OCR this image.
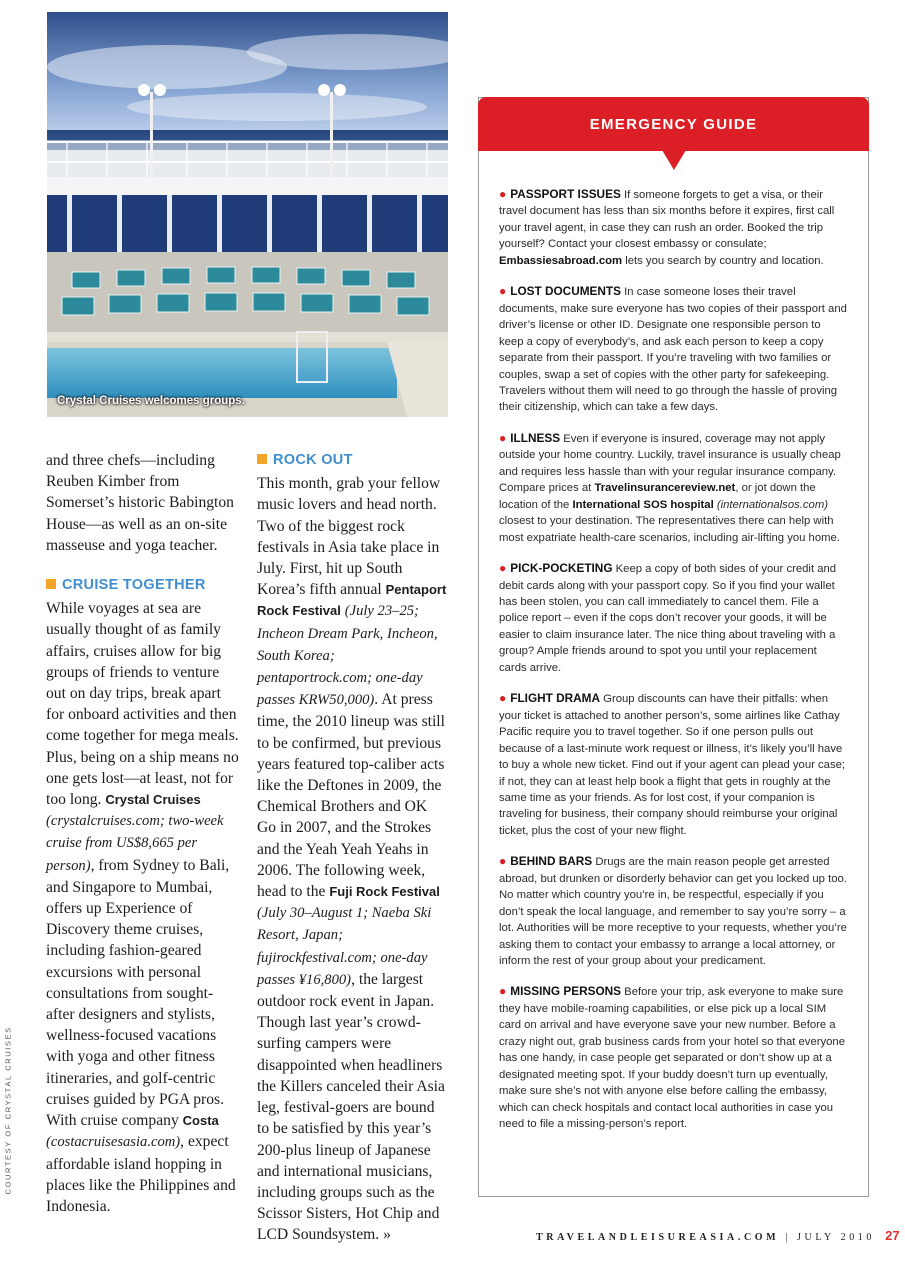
COURTESY OF CRYSTAL CRUISES
Crystal Cruises welcomes groups.

and three chefs—including Reuben Kimber from Somerset’s historic Babington House—as well as an on-site masseuse and yoga teacher.

CRUISE TOGETHER

While voyages at sea are usually thought of as family affairs, cruises allow for big groups of friends to venture out on day trips, break apart for onboard activities and then come together for mega meals. Plus, being on a ship means no one gets lost—at least, not for too long. Crystal Cruises (crystalcruises.com; two-week cruise from US$8,665 per person), from Sydney to Bali, and Singapore to Mumbai, offers up Experience of Discovery theme cruises, including fashion-geared excursions with personal consultations from sought-after designers and stylists, wellness-focused vacations with yoga and other fitness itineraries, and golf-centric cruises guided by PGA pros. With cruise company Costa (costacruisesasia.com), expect affordable island hopping in places like the Philippines and Indonesia.

ROCK OUT

This month, grab your fellow music lovers and head north. Two of the biggest rock festivals in Asia take place in July. First, hit up South Korea’s fifth annual Pentaport Rock Festival (July 23–25; Incheon Dream Park, Incheon, South Korea; pentaportrock.com; one-day passes KRW50,000). At press time, the 2010 lineup was still to be confirmed, but previous years featured top-caliber acts like the Deftones in 2009, the Chemical Brothers and OK Go in 2007, and the Strokes and the Yeah Yeah Yeahs in 2006. The following week, head to the Fuji Rock Festival (July 30–August 1; Naeba Ski Resort, Japan; fujirockfestival.com; one-day passes ¥16,800), the largest outdoor rock event in Japan. Though last year’s crowd-surfing campers were disappointed when headliners the Killers canceled their Asia leg, festival-goers are bound to be satisfied by this year’s 200-plus lineup of Japanese and international musicians, including groups such as the Scissor Sisters, Hot Chip and LCD Soundsystem. »

EMERGENCY GUIDE

● PASSPORT ISSUES If someone forgets to get a visa, or their travel document has less than six months before it expires, first call your travel agent, in case they can rush an order. Booked the trip yourself? Contact your closest embassy or consulate; Embassiesabroad.com lets you search by country and location.

● LOST DOCUMENTS In case someone loses their travel documents, make sure everyone has two copies of their passport and driver’s license or other ID. Designate one responsible person to keep a copy of everybody’s, and ask each person to keep a copy separate from their passport. If you’re traveling with two families or couples, swap a set of copies with the other party for safekeeping. Travelers without them will need to go through the hassle of proving their citizenship, which can take a few days.

● ILLNESS Even if everyone is insured, coverage may not apply outside your home country. Luckily, travel insurance is usually cheap and requires less hassle than with your regular insurance company. Compare prices at Travelinsurancereview.net, or jot down the location of the International SOS hospital (internationalsos.com) closest to your destination. The representatives there can help with most expatriate health-care scenarios, including air-lifting you home.

● PICK-POCKETING Keep a copy of both sides of your credit and debit cards along with your passport copy. So if you find your wallet has been stolen, you can call immediately to cancel them. File a police report – even if the cops don’t recover your goods, it will be easier to claim insurance later. The nice thing about traveling with a group? Ample friends around to spot you until your replacement cards arrive.

● FLIGHT DRAMA Group discounts can have their pitfalls: when your ticket is attached to another person’s, some airlines like Cathay Pacific require you to travel together. So if one person pulls out because of a last-minute work request or illness, it’s likely you’ll have to buy a whole new ticket. Find out if your agent can plead your case; if not, they can at least help book a flight that gets in roughly at the same time as your friends. As for lost cost, if your companion is traveling for business, their company should reimburse your original ticket, plus the cost of your new flight.

● BEHIND BARS Drugs are the main reason people get arrested abroad, but drunken or disorderly behavior can get you locked up too. No matter which country you’re in, be respectful, especially if you don’t speak the local language, and remember to say you’re sorry – a lot. Authorities will be more receptive to your requests, whether you’re asking them to contact your embassy to arrange a local attorney, or inform the rest of your group about your predicament.

● MISSING PERSONS Before your trip, ask everyone to make sure they have mobile-roaming capabilities, or else pick up a local SIM card on arrival and have everyone save your new number. Before a crazy night out, grab business cards from your hotel so that everyone has one handy, in case people get separated or don’t show up at a designated meeting spot. If your buddy doesn’t turn up eventually, make sure she’s not with anyone else before calling the embassy, which can check hospitals and contact local authorities in case you need to file a missing-person’s report.

TRAVELANDLEISUREASIA.COM | JULY 2010 27
